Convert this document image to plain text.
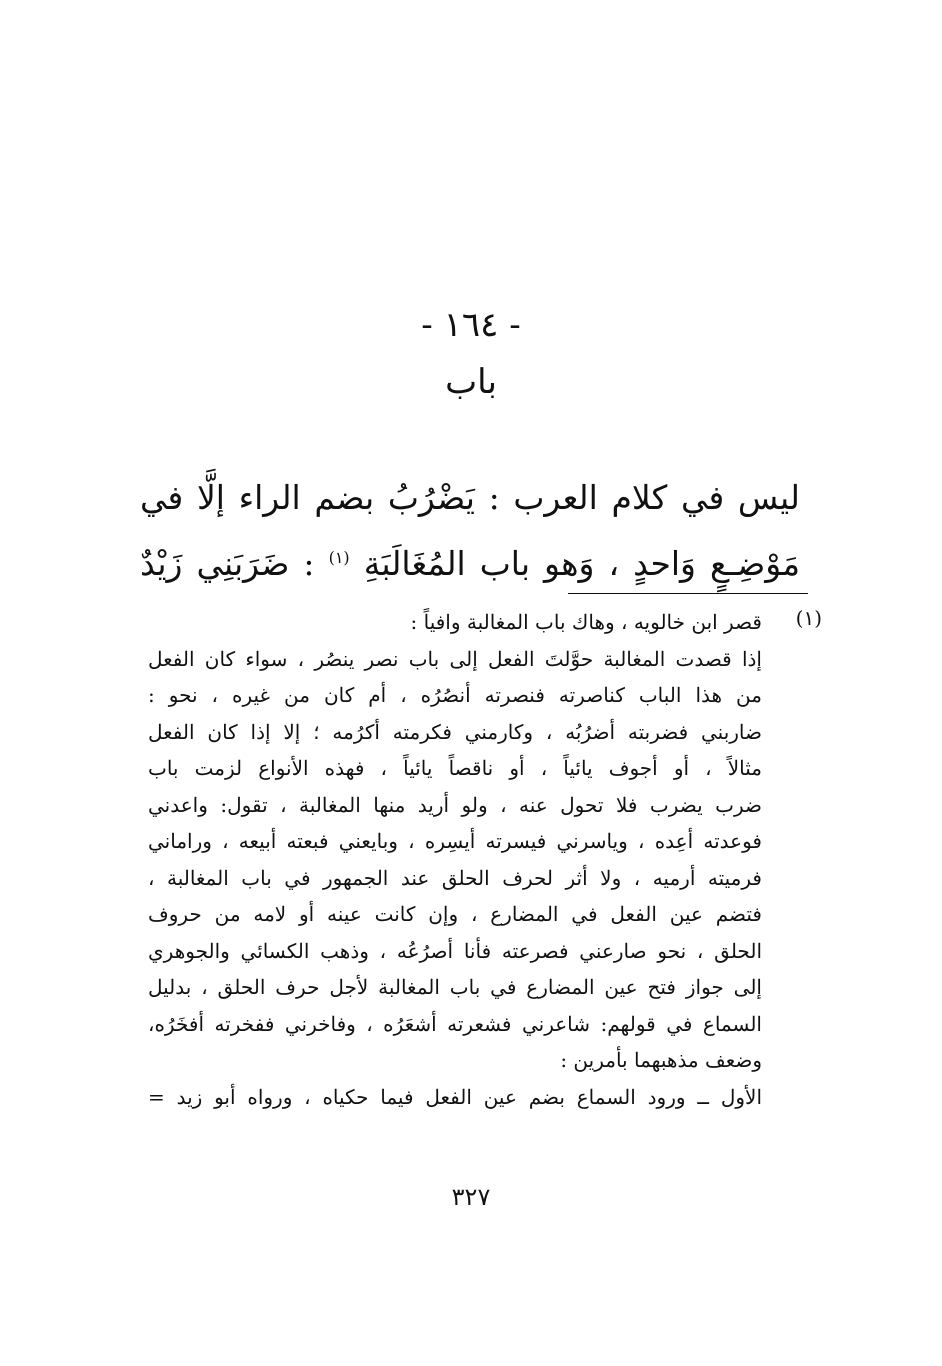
- ١٦٤ -
باب
ليس في كلام العرب : يَضْرُبُ بضم الراء إلَّا في
مَوْضِـعٍ وَاحدٍ ، وَهو باب المُغَالَبَةِ $^{(١)}$ : ضَرَبَنِي زَيْدٌ
(١)
قصر ابن خالويه ، وهاك باب المغالبة وافياً :
إذا قصدت المغالبة حوَّلتَ الفعل إلى باب نصر ينصُر ، سواء كان الفعل
من هذا الباب كناصرته فنصرته أنصُرُه ، أم كان من غيره ، نحو :
ضاربني فضربته أضرُبُه ، وكارمني فكرمته أكرُمه ؛ إلا إذا كان الفعل
مثالاً ، أو أجوف يائياً ، أو ناقصاً يائياً ، فهذه الأنواع لزمت باب
ضرب يضرب فلا تحول عنه ، ولو أريد منها المغالبة ، تقول: واعدني
فوعدته أعِده ، وياسرني فيسرته أيسِره ، وبايعني فبعته أبيعه ، وراماني
فرميته أرميه ، ولا أثر لحرف الحلق عند الجمهور في باب المغالبة ،
فتضم عين الفعل في المضارع ، وإن كانت عينه أو لامه من حروف
الحلق ، نحو صارعني فصرعته فأنا أصرُعُه ، وذهب الكسائي والجوهري
إلى جواز فتح عين المضارع في باب المغالبة لأجل حرف الحلق ، بدليل
السماع في قولهم: شاعرني فشعرته أشعَرُه ، وفاخرني ففخرته أفخَرُه،
وضعف مذهبهما بأمرين :
الأول ــ ورود السماع بضم عين الفعل فيما حكياه ، ورواه أبو زيد =
٣٢٧
